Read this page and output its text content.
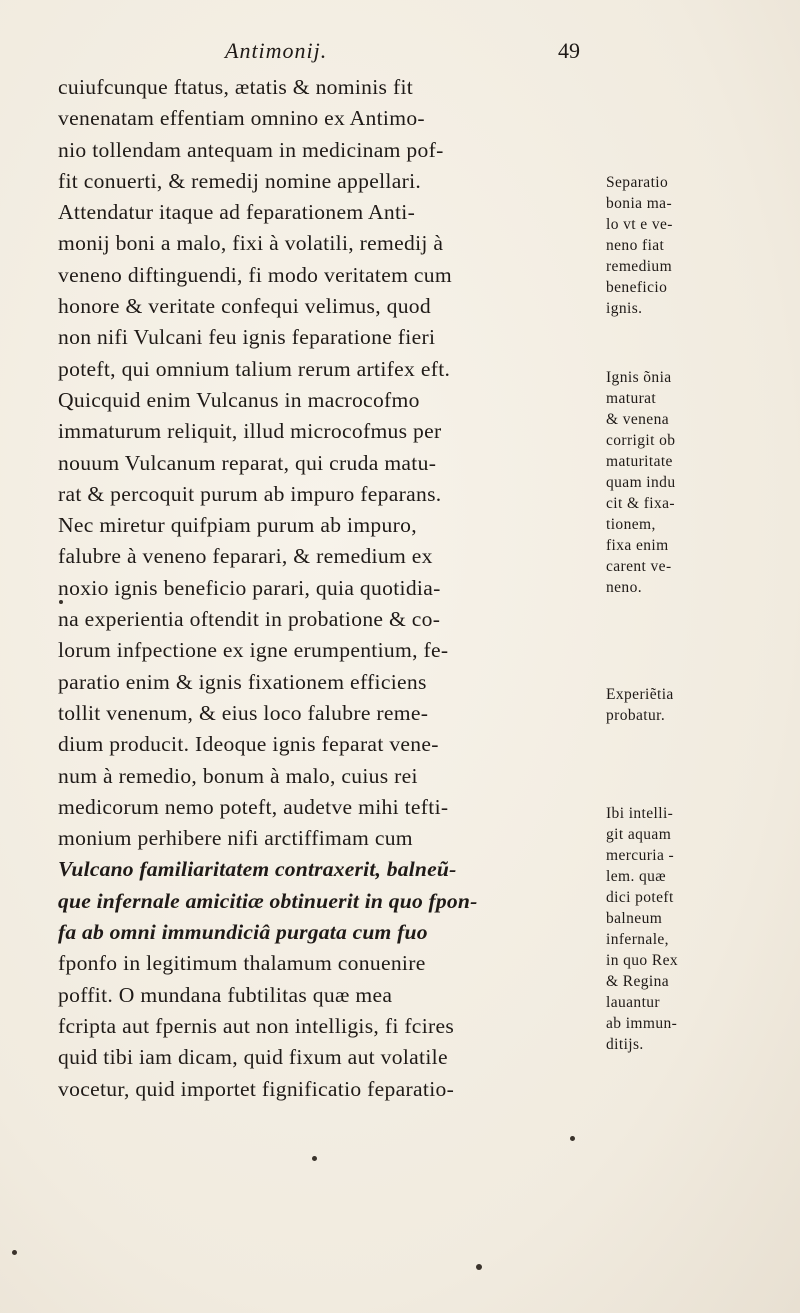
Antimonij.	49
cuiufcunque ftatus, ætatis & nominis fit
venenatam effentiam omnino ex Antimo-
nio tollendam antequam in medicinam pof-
fit conuerti, & remedij nomine appellari.
Attendatur itaque ad feparationem Anti-
monij boni a malo, fixi à volatili, remedij à
veneno diftinguendi, fi modo veritatem cum
honore & veritate confequi velimus, quod
non nifi Vulcani feu ignis feparatione fieri
poteft, qui omnium talium rerum artifex eft.
Quicquid enim Vulcanus in macrocofmo
immaturum reliquit, illud microcofmus per
nouum Vulcanum reparat, qui cruda matu-
rat & percoquit purum ab impuro feparans.
Nec miretur quifpiam purum ab impuro,
falubre à veneno feparari, & remedium ex
noxio ignis beneficio parari, quia quotidia-
na experientia oftendit in probatione & co-
lorum infpectione ex igne erumpentium, fe-
paratio enim & ignis fixationem efficiens
tollit venenum, & eius loco falubre reme-
dium producit. Ideoque ignis feparat vene-
num à remedio, bonum à malo, cuius rei
medicorum nemo poteft, audetve mihi tefti-
monium perhibere nifi arctiffimam cum
Vulcano familiaritatem contraxerit, balneũ-
que infernale amicitiæ obtinuerit in quo fpon-
fa ab omni immundiciâ purgata cum fuo
fponfo in legitimum thalamum conuenire
poffit. O mundana fubtilitas quæ mea
fcripta aut fpernis aut non intelligis, fi fcires
quid tibi iam dicam, quid fixum aut volatile
vocetur, quid importet fignificatio feparatio-
Separatio
bonia ma-
lo vt e ve-
neno fiat
remedium
beneficio
ignis.
Ignis õnia
maturat
& venena
corrigit ob
maturitate
quam indu
cit & fixa-
tionem,
fixa enim
carent ve-
neno.
Experiẽtia
probatur.
Ibi intelli-
git aquam
mercuria -
lem. quæ
dici poteft
balneum
infernale,
in quo Rex
& Regina
lauantur
ab immun-
ditijs.
